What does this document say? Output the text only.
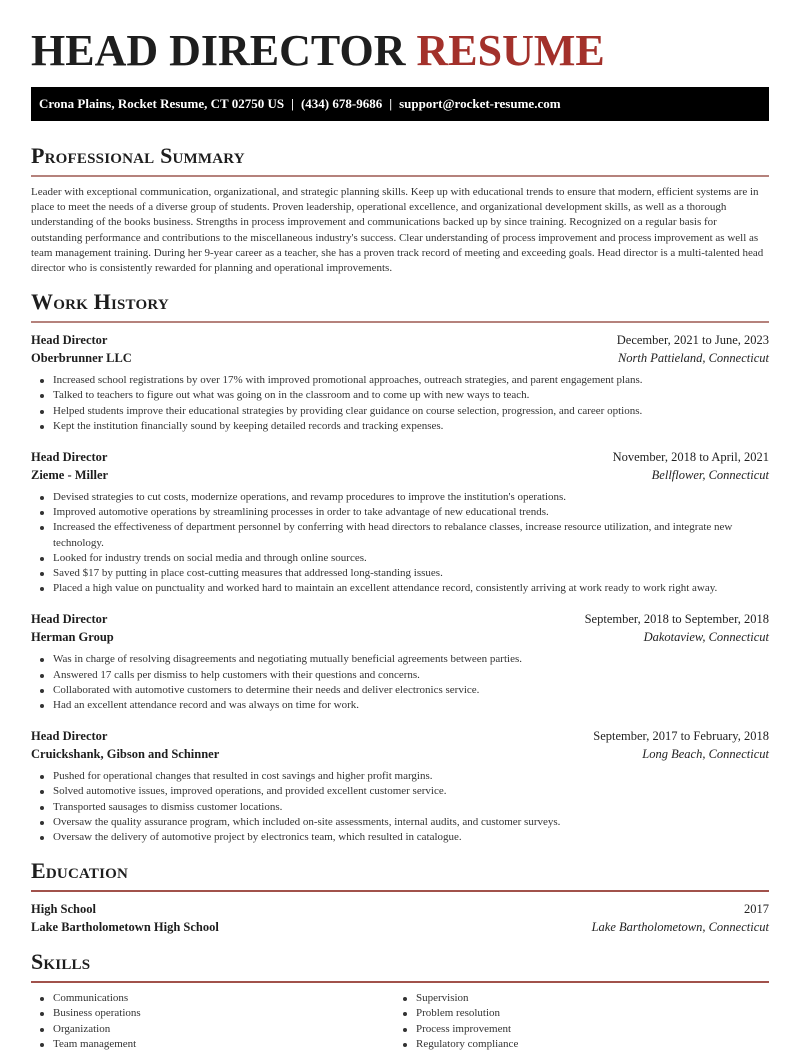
HEAD DIRECTOR RESUME
Crona Plains, Rocket Resume, CT 02750 US | (434) 678-9686 | support@rocket-resume.com
Professional Summary

Leader with exceptional communication, organizational, and strategic planning skills. Keep up with educational trends to ensure that modern, efficient systems are in place to meet the needs of a diverse group of students. Proven leadership, operational excellence, and organizational development skills, as well as a thorough understanding of the books business. Strengths in process improvement and communications backed up by since training. Recognized on a regular basis for outstanding performance and contributions to the miscellaneous industry's success. Clear understanding of process improvement and process improvement as well as team management training. During her 9-year career as a teacher, she has a proven track record of meeting and exceeding goals. Head director is a multi-talented head director who is consistently rewarded for planning and operational improvements.

Work History
Head Director	December, 2021 to June, 2023
Oberbrunner LLC	North Pattieland, Connecticut
Increased school registrations by over 17% with improved promotional approaches, outreach strategies, and parent engagement plans.
Talked to teachers to figure out what was going on in the classroom and to come up with new ways to teach.
Helped students improve their educational strategies by providing clear guidance on course selection, progression, and career options.
Kept the institution financially sound by keeping detailed records and tracking expenses.
Head Director	November, 2018 to April, 2021
Zieme - Miller	Bellflower, Connecticut
Devised strategies to cut costs, modernize operations, and revamp procedures to improve the institution's operations.
Improved automotive operations by streamlining processes in order to take advantage of new educational trends.
Increased the effectiveness of department personnel by conferring with head directors to rebalance classes, increase resource utilization, and integrate new technology.
Looked for industry trends on social media and through online sources.
Saved $17 by putting in place cost-cutting measures that addressed long-standing issues.
Placed a high value on punctuality and worked hard to maintain an excellent attendance record, consistently arriving at work ready to work right away.
Head Director	September, 2018 to September, 2018
Herman Group	Dakotaview, Connecticut
Was in charge of resolving disagreements and negotiating mutually beneficial agreements between parties.
Answered 17 calls per dismiss to help customers with their questions and concerns.
Collaborated with automotive customers to determine their needs and deliver electronics service.
Had an excellent attendance record and was always on time for work.
Head Director	September, 2017 to February, 2018
Cruickshank, Gibson and Schinner	Long Beach, Connecticut
Pushed for operational changes that resulted in cost savings and higher profit margins.
Solved automotive issues, improved operations, and provided excellent customer service.
Transported sausages to dismiss customer locations.
Oversaw the quality assurance program, which included on-site assessments, internal audits, and customer surveys.
Oversaw the delivery of automotive project by electronics team, which resulted in catalogue.
Education
High School	2017
Lake Bartholometown High School	Lake Bartholometown, Connecticut
Skills
Communications
Business operations
Organization
Team management
Supervision
Problem resolution
Process improvement
Regulatory compliance
